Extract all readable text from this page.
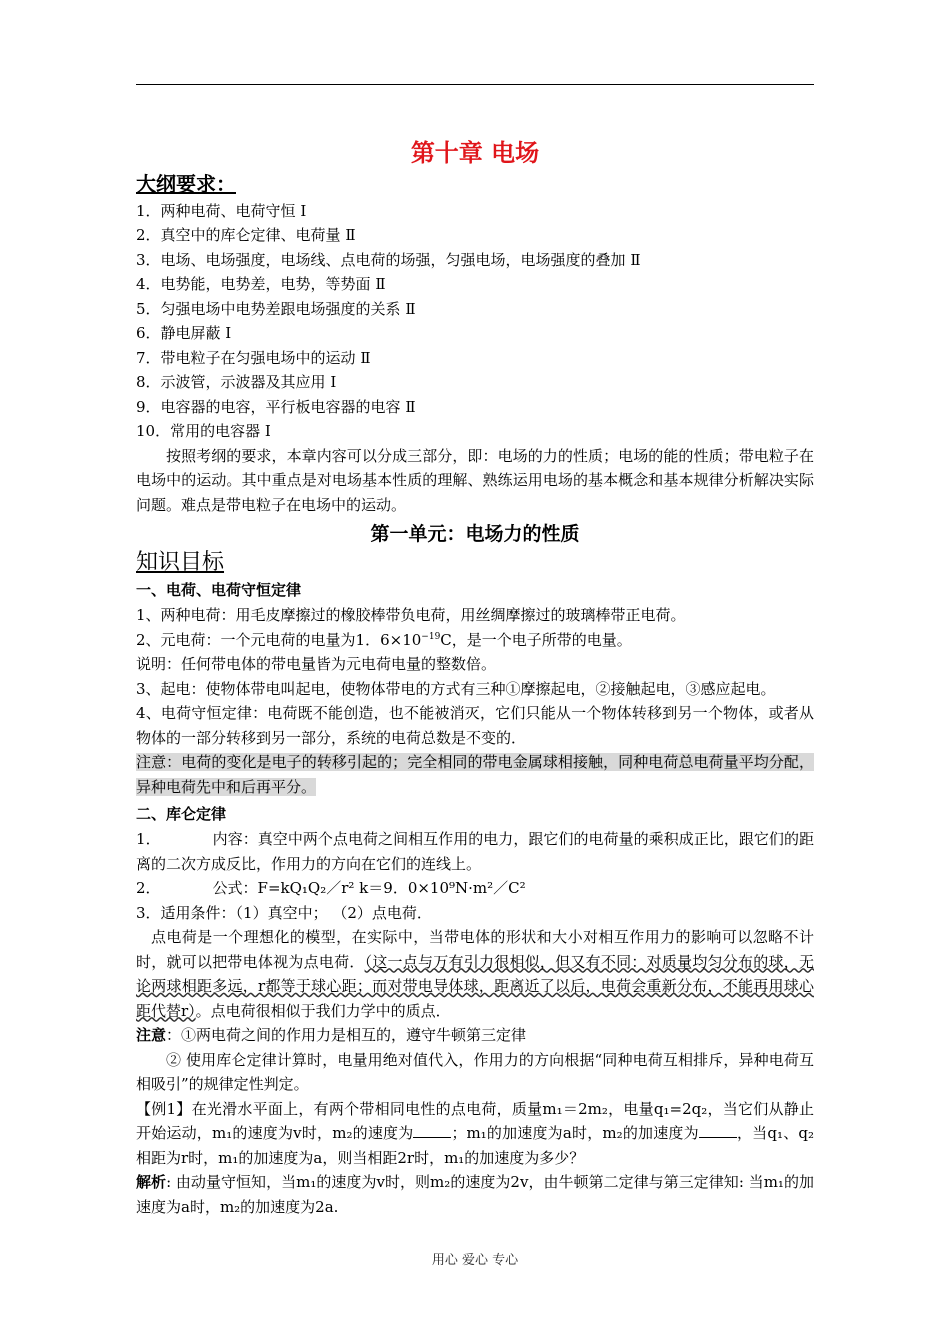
第十章 电场
大纲要求：
1．两种电荷、电荷守恒 Ⅰ
2．真空中的库仑定律、电荷量 Ⅱ
3．电场、电场强度，电场线、点电荷的场强，匀强电场，电场强度的叠加 Ⅱ
4．电势能，电势差，电势，等势面 Ⅱ
5．匀强电场中电势差跟电场强度的关系 Ⅱ
6．静电屏蔽 Ⅰ
7．带电粒子在匀强电场中的运动 Ⅱ
8．示波管，示波器及其应用 Ⅰ
9．电容器的电容，平行板电容器的电容 Ⅱ
10．常用的电容器 Ⅰ
按照考纲的要求，本章内容可以分成三部分，即：电场的力的性质；电场的能的性质；带电粒子在电场中的运动。其中重点是对电场基本性质的理解、熟练运用电场的基本概念和基本规律分析解决实际问题。难点是带电粒子在电场中的运动。
第一单元：电场力的性质
知识目标
一、电荷、电荷守恒定律
1、两种电荷：用毛皮摩擦过的橡胶棒带负电荷，用丝绸摩擦过的玻璃棒带正电荷。
2、元电荷：一个元电荷的电量为1．$6\times 10^{-19}C$，是一个电子所带的电量。
说明：任何带电体的带电量皆为元电荷电量的整数倍。
3、起电：使物体带电叫起电，使物体带电的方式有三种①摩擦起电，②接触起电，③感应起电。
4、电荷守恒定律：电荷既不能创造，也不能被消灭，它们只能从一个物体转移到另一个物体，或者从物体的一部分转移到另一部分，系统的电荷总数是不变的．
注意：电荷的变化是电子的转移引起的；完全相同的带电金属球相接触，同种电荷总电荷量平均分配，异种电荷先中和后再平分。
二、库仑定律
1．	内容：真空中两个点电荷之间相互作用的电力，跟它们的电荷量的乘积成正比，跟它们的距离的二次方成反比，作用力的方向在它们的连线上。
2．	公式：F=kQ₁Q₂／r² k＝9．0×10⁹N·m²／C²
3．适用条件：（1）真空中； （2）点电荷．
点电荷是一个理想化的模型，在实际中，当带电体的形状和大小对相互作用力的影响可以忽略不计时，就可以把带电体视为点电荷．（这一点与万有引力很相似，但又有不同：对质量均匀分布的球，无论两球相距多远，r都等于球心距；而对带电导体球，距离近了以后，电荷会重新分布，不能再用球心距代替r）。点电荷很相似于我们力学中的质点．
注意：①两电荷之间的作用力是相互的，遵守牛顿第三定律
② 使用库仑定律计算时，电量用绝对值代入，作用力的方向根据“同种电荷互相排斥，异种电荷互相吸引”的规律定性判定。
【例1】在光滑水平面上，有两个带相同电性的点电荷，质量m₁＝2m₂，电量q₁=2q₂，当它们从静止开始运动，m₁的速度为v时，m₂的速度为	；m₁的加速度为a时，m₂的加速度为	，当q₁、q₂相距为r时，m₁的加速度为a，则当相距2r时，m₁的加速度为多少？
解析: 由动量守恒知，当m₁的速度为v时，则m₂的速度为2v，由牛顿第二定律与第三定律知: 当m₁的加速度为a时，m₂的加速度为2a.
用心 爱心 专心
